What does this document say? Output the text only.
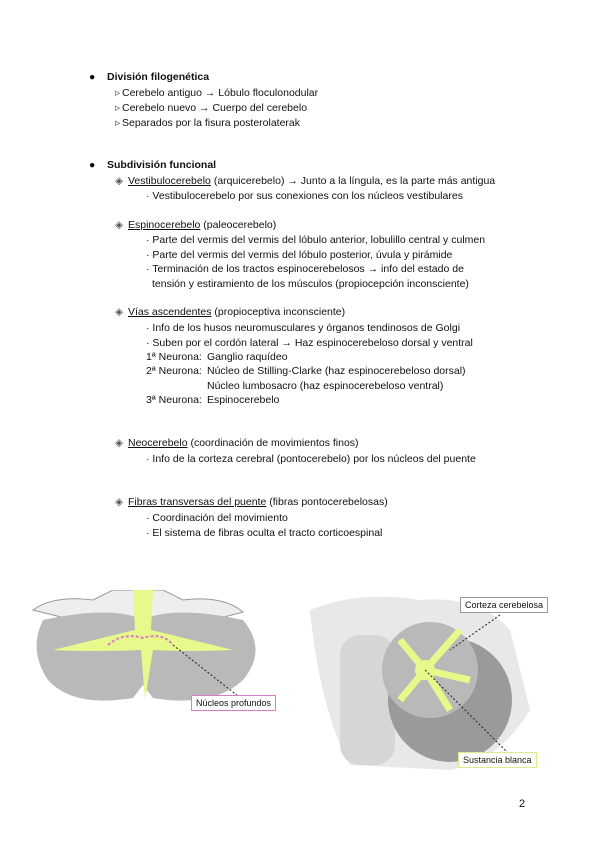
● División filogenética
▹ Cerebelo antiguo → Lóbulo floculonodular
▹ Cerebelo nuevo → Cuerpo del cerebelo
▹ Separados por la fisura posterolaterak
● Subdivisión funcional
◈ Vestibulocerebelo (arquicerebelo) → Junto a la língula, es la parte más antigua
· Vestibulocerebelo por sus conexiones con los núcleos vestibulares
◈ Espinocerebelo (paleocerebelo)
· Parte del vermis del vermis del lóbulo anterior, lobulillo central y culmen
· Parte del vermis del vermis del lóbulo posterior, úvula y pirámide
· Terminación de los tractos espinocerebelosos → info del estado de
tensión y estiramiento de los músculos (propiocepción inconsciente)
◈ Vías ascendentes (propioceptiva inconsciente)
· Info de los husos neuromusculares y órganos tendinosos de Golgi
· Suben por el cordón lateral → Haz espinocerebeloso dorsal y ventral
1ª Neurona: Ganglio raquídeo
2ª Neurona: Núcleo de Stilling-Clarke (haz espinocerebeloso dorsal)
Núcleo lumbosacro (haz espinocerebeloso ventral)
3ª Neurona: Espinocerebelo
◈ Neocerebelo (coordinación de movimientos finos)
· Info de la corteza cerebral (pontocerebelo) por los núcleos del puente
◈ Fibras transversas del puente (fibras pontocerebelosas)
· Coordinación del movimiento
· El sistema de fibras oculta el tracto corticoespinal
Núcleos profundos
Corteza cerebelosa
Sustancia blanca
2
